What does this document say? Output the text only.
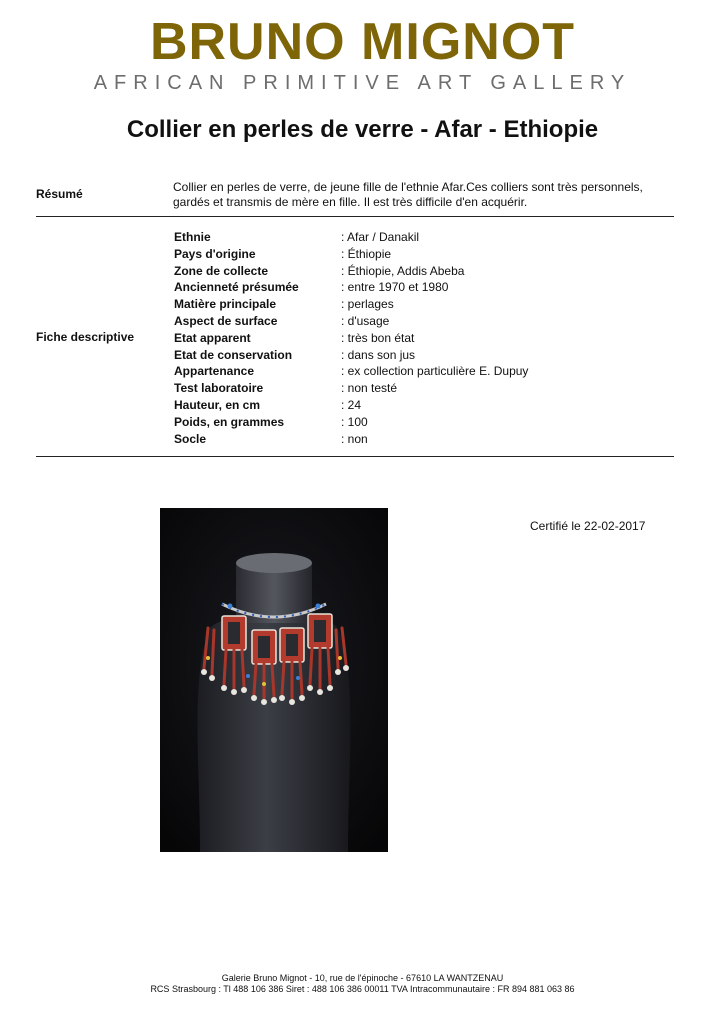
BRUNO MIGNOT
AFRICAN PRIMITIVE ART GALLERY
Collier en perles de verre - Afar - Ethiopie
Résumé	Collier en perles de verre, de jeune fille de l'ethnie Afar.Ces colliers sont très personnels, gardés et transmis de mère en fille. Il est très difficile d'en acquérir.
Fiche descriptive
Ethnie	: Afar / Danakil
Pays d'origine	: Éthiopie
Zone de collecte	: Éthiopie, Addis Abeba
Ancienneté présumée	: entre 1970 et 1980
Matière principale	: perlages
Aspect de surface	: d'usage
Etat apparent	: très bon état
Etat de conservation	: dans son jus
Appartenance	: ex collection particulière E. Dupuy
Test laboratoire	: non testé
Hauteur, en cm	: 24
Poids, en grammes	: 100
Socle	: non
Certifié le 22-02-2017
Galerie Bruno Mignot - 10, rue de l'épinoche - 67610 LA WANTZENAU
RCS Strasbourg : Tl 488 106 386 Siret : 488 106 386 00011 TVA Intracommunautaire : FR 894 881 063 86
